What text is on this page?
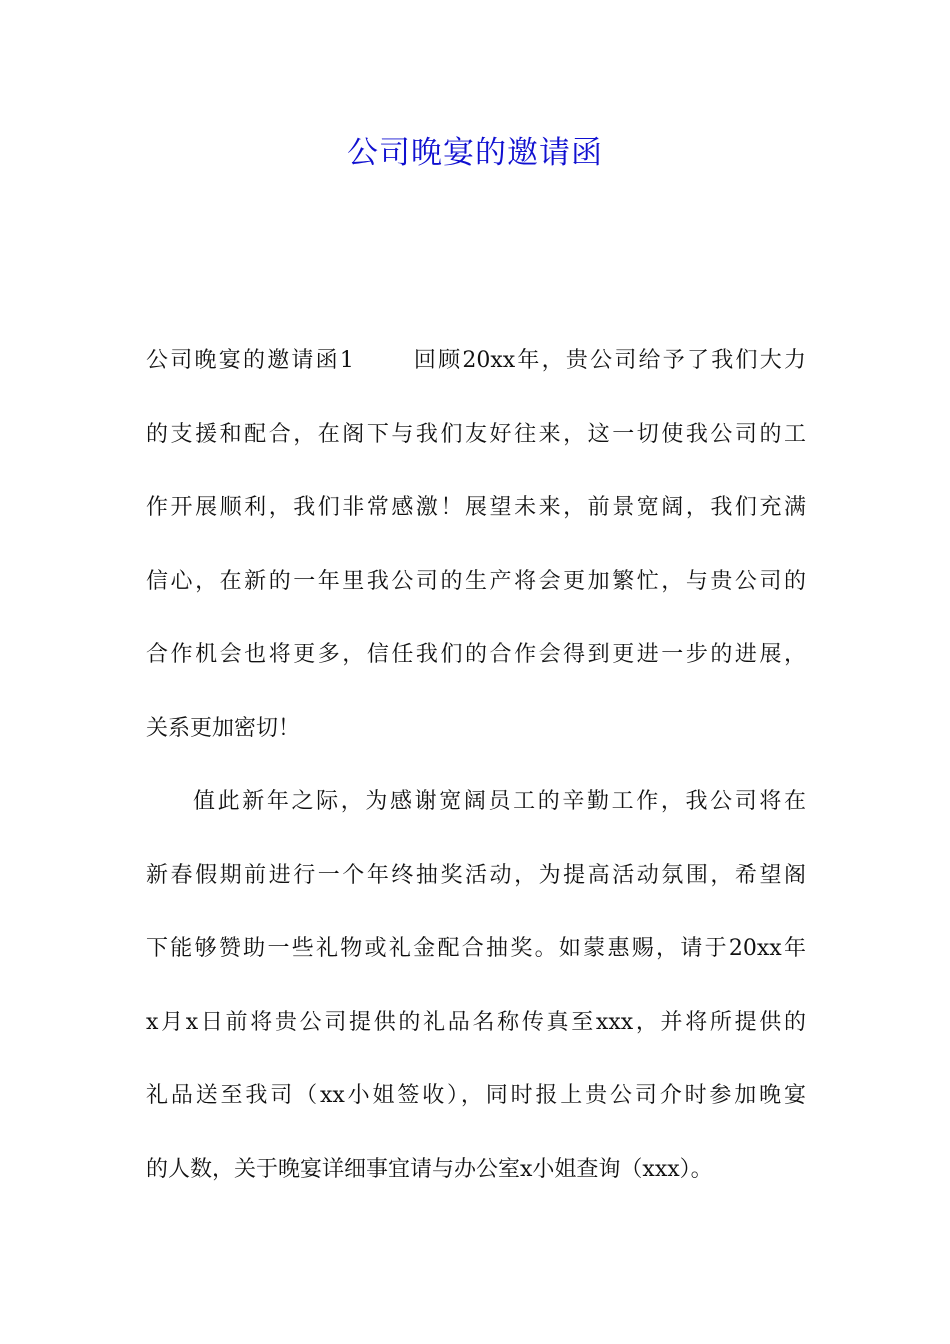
公司晚宴的邀请函
公司晚宴的邀请函1　　 回顾20xx年，贵公司给予了我们大力
的支援和配合，在阁下与我们友好往来，这一切使我公司的工
作开展顺利，我们非常感激！展望未来，前景宽阔，我们充满
信心，在新的一年里我公司的生产将会更加繁忙，与贵公司的
合作机会也将更多，信任我们的合作会得到更进一步的进展，
关系更加密切！
值此新年之际，为感谢宽阔员工的辛勤工作，我公司将在
新春假期前进行一个年终抽奖活动，为提高活动氛围，希望阁
下能够赞助一些礼物或礼金配合抽奖。如蒙惠赐，请于20xx年
x月x日前将贵公司提供的礼品名称传真至xxx，并将所提供的
礼品送至我司（xx小姐签收），同时报上贵公司介时参加晚宴
的人数，关于晚宴详细事宜请与办公室x小姐查询（xxx）。
